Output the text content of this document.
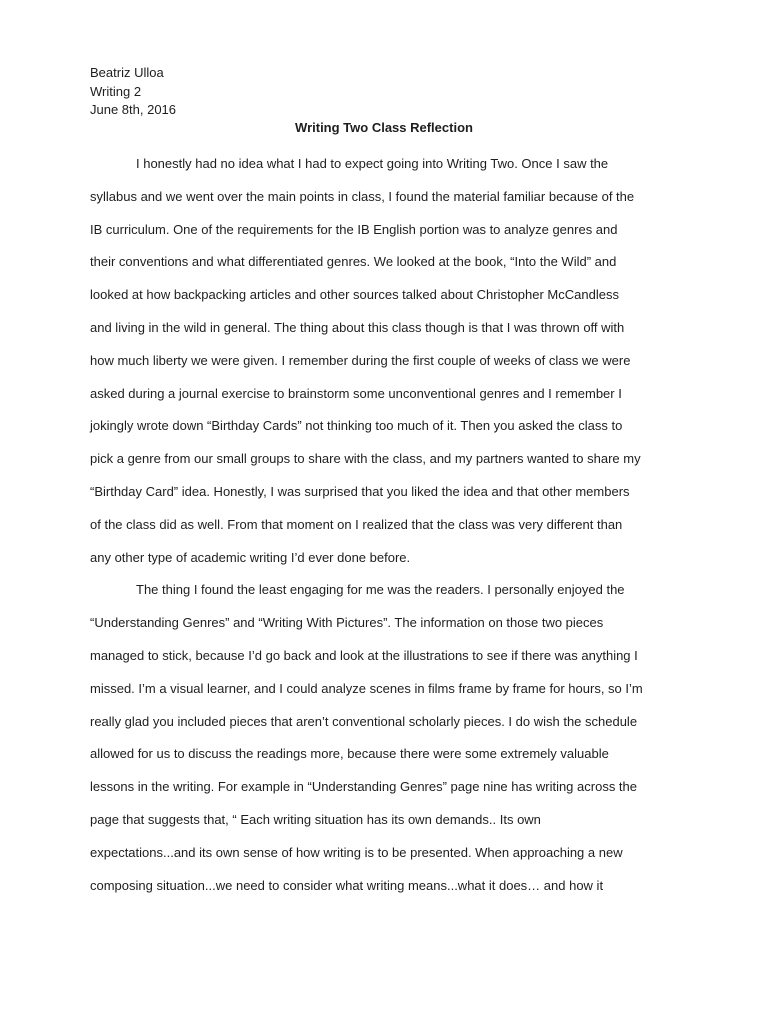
Beatriz Ulloa
Writing 2
June 8th, 2016
Writing Two Class Reflection
I honestly had no idea what I had to expect going into Writing Two. Once I saw the
syllabus and we went over the main points in class, I found the material familiar because of the
IB curriculum. One of the requirements for the IB English portion was to analyze genres and
their conventions and what differentiated genres. We looked at the book, “Into the Wild” and
looked at how backpacking articles and other sources talked about Christopher McCandless
and living in the wild in general. The thing about this class though is that I was thrown off with
how much liberty we were given. I remember during the first couple of weeks of class we were
asked during a journal exercise to brainstorm some unconventional genres and I remember I
jokingly wrote down “Birthday Cards” not thinking too much of it. Then you asked the class to
pick a genre from our small groups to share with the class, and my partners wanted to share my
“Birthday Card” idea. Honestly, I was surprised that you liked the idea and that other members
of the class did as well. From that moment on I realized that the class was very different than
any other type of academic writing I’d ever done before.
The thing I found the least engaging for me was the readers. I personally enjoyed the
“Understanding Genres” and “Writing With Pictures”. The information on those two pieces
managed to stick, because I’d go back and look at the illustrations to see if there was anything I
missed. I’m a visual learner, and I could analyze scenes in films frame by frame for hours, so I’m
really glad you included pieces that aren’t conventional scholarly pieces. I do wish the schedule
allowed for us to discuss the readings more, because there were some extremely valuable
lessons in the writing. For example in “Understanding Genres” page nine has writing across the
page that suggests that, “ Each writing situation has its own demands.. Its own
expectations...and its own sense of how writing is to be presented. When approaching a new
composing situation...we need to consider what writing means...what it does… and how it
